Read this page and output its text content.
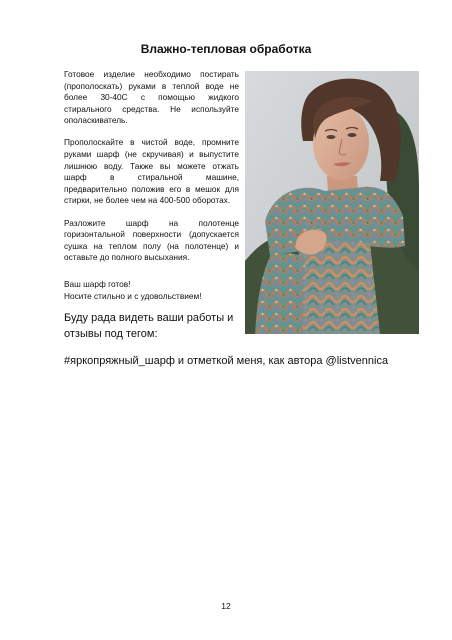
Влажно-тепловая обработка

Готовое изделие необходимо постирать (прополоскать) руками в теплой воде не более 30-40С с помощью жидкого стирального средства. Не используйте ополаскиватель.

Прополоскайте в чистой воде, промните руками шарф (не скручивая) и выпустите лишнюю воду. Также вы можете отжать шарф в стиральной машине, предварительно положив его в мешок для стирки, не более чем на 400-500 оборотах.

Разложите шарф на полотенце горизонтальной поверхности (допускается сушка на теплом полу (на полотенце) и оставьте до полного высыхания.

Ваш шарф готов!
Носите стильно и с удовольствием!
Буду рада видеть ваши работы и отзывы под тегом:
#яркопряжный_шарф и отметкой меня, как автора @listvennica
12
